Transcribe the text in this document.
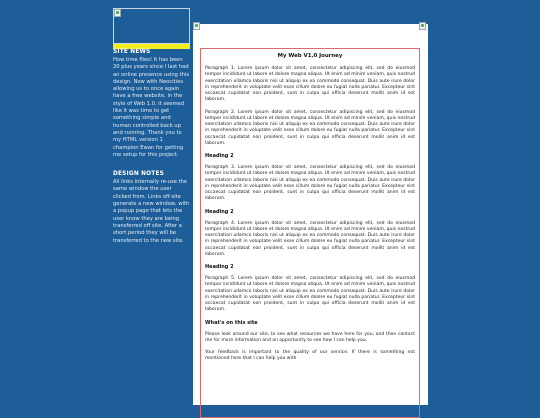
SITE NEWS

How time flies! It has been 20 plus years since I last had an online presence using this design. Now with Neocities allowing us to once again have a free website, in the style of Web 1.0, it seemed like it was time to get something simple and human controlled back up and running. Thank you to my HTML version 1 champion Ewan for getting me setup for this project.

DESIGN NOTES

All links internally re-use the same window the user clicked from. Links off-site generate a new window, with a popup page that lets the user know they are being transferred off site. After a short period they will be transferred to the new site.

My Web V1.0 Journey

Paragraph 1. Lorem ipsum dolor sit amet, consectetur adipiscing elit, sed do eiusmod tempor incididunt ut labore et dolore magna aliqua. Ut enim ad minim veniam, quis nostrud exercitation ullamco laboris nisi ut aliquip ex ea commodo consequat. Duis aute irure dolor in reprehenderit in voluptate velit esse cillum dolore eu fugiat nulla pariatur. Excepteur sint occaecat cupidatat non proident, sunt in culpa qui officia deserunt mollit anim id est laborum.

Paragraph 2. Lorem ipsum dolor sit amet, consectetur adipiscing elit, sed do eiusmod tempor incididunt ut labore et dolore magna aliqua. Ut enim ad minim veniam, quis nostrud exercitation ullamco laboris nisi ut aliquip ex ea commodo consequat. Duis aute irure dolor in reprehenderit in voluptate velit esse cillum dolore eu fugiat nulla pariatur. Excepteur sint occaecat cupidatat non proident, sunt in culpa qui officia deserunt mollit anim id est laborum.

Heading 2

Paragraph 3. Lorem ipsum dolor sit amet, consectetur adipiscing elit, sed do eiusmod tempor incididunt ut labore et dolore magna aliqua. Ut enim ad minim veniam, quis nostrud exercitation ullamco laboris nisi ut aliquip ex ea commodo consequat. Duis aute irure dolor in reprehenderit in voluptate velit esse cillum dolore eu fugiat nulla pariatur. Excepteur sint occaecat cupidatat non proident, sunt in culpa qui officia deserunt mollit anim id est laborum.

Heading 2

Paragraph 4. Lorem ipsum dolor sit amet, consectetur adipiscing elit, sed do eiusmod tempor incididunt ut labore et dolore magna aliqua. Ut enim ad minim veniam, quis nostrud exercitation ullamco laboris nisi ut aliquip ex ea commodo consequat. Duis aute irure dolor in reprehenderit in voluptate velit esse cillum dolore eu fugiat nulla pariatur. Excepteur sint occaecat cupidatat non proident, sunt in culpa qui officia deserunt mollit anim id est laborum.

Heading 2

Paragraph 5. Lorem ipsum dolor sit amet, consectetur adipiscing elit, sed do eiusmod tempor incididunt ut labore et dolore magna aliqua. Ut enim ad minim veniam, quis nostrud exercitation ullamco laboris nisi ut aliquip ex ea commodo consequat. Duis aute irure dolor in reprehenderit in voluptate velit esse cillum dolore eu fugiat nulla pariatur. Excepteur sint occaecat cupidatat non proident, sunt in culpa qui officia deserunt mollit anim id est laborum.

What's on this site

Please look around our site, to see what resources we have here for you, and then contact me for more information and an opportunity to see how I can help you.

Your feedback is important to the quality of our service. If there is something not mentioned here that I can help you with
